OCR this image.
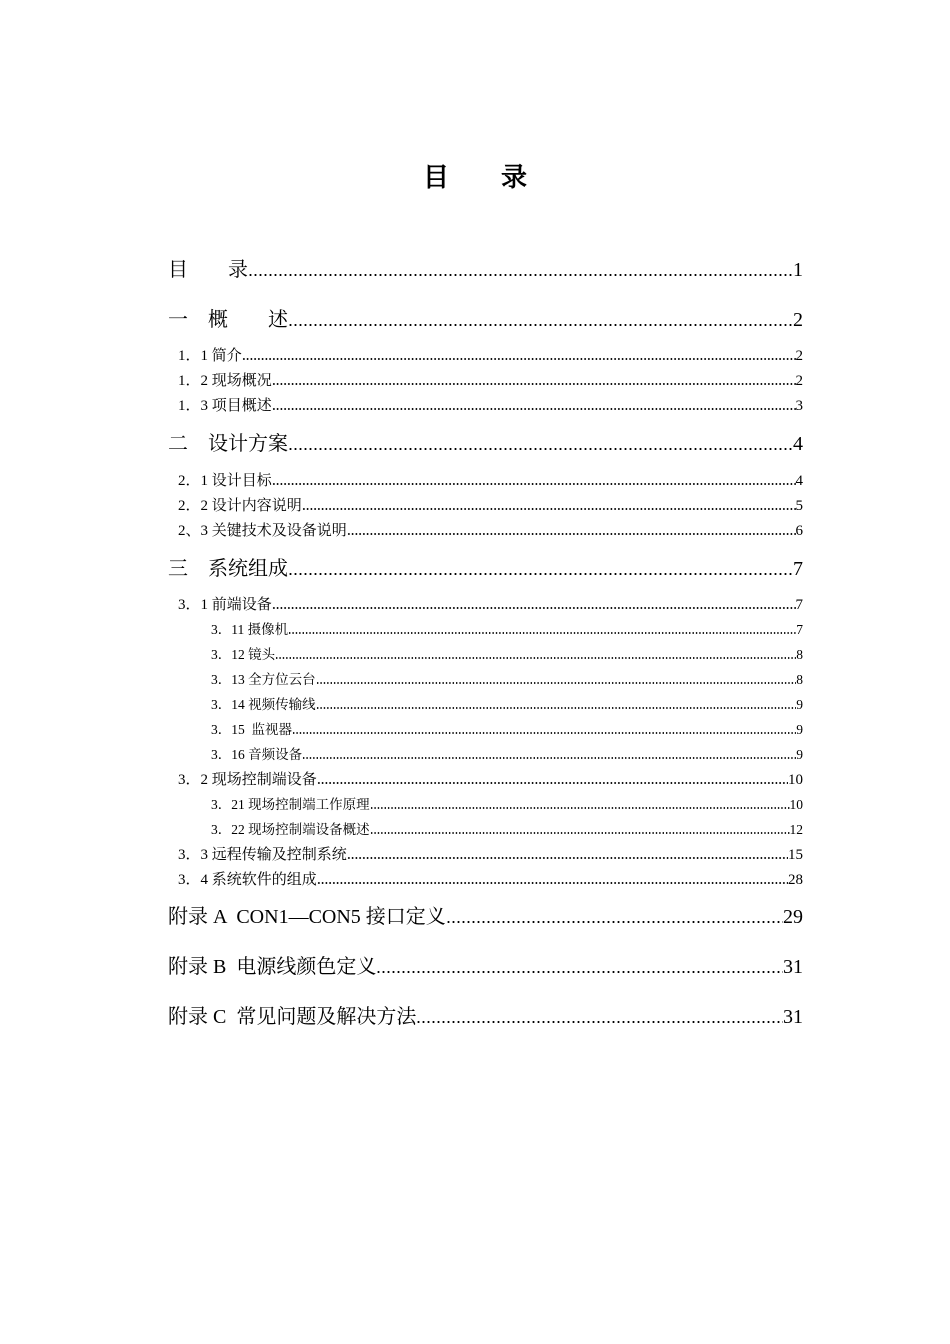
目　　录
目　　录	1
一　概　　述	2
1．1 简介	2
1．2 现场概况	2
1．3 项目概述	3
二　设计方案	4
2．1 设计目标	4
2．2 设计内容说明	5
2、3 关键技术及设备说明	6
三　系统组成	7
3．1 前端设备	7
3．11 摄像机	7
3．12 镜头	8
3．13 全方位云台	8
3．14 视频传输线	9
3．15  监视器	9
3．16 音频设备	9
3．2 现场控制端设备	10
3．21 现场控制端工作原理	10
3．22 现场控制端设备概述	12
3．3 远程传输及控制系统	15
3．4 系统软件的组成	28
附录 A  CON1—CON5 接口定义	29
附录 B  电源线颜色定义	31
附录 C  常见问题及解决方法	31
